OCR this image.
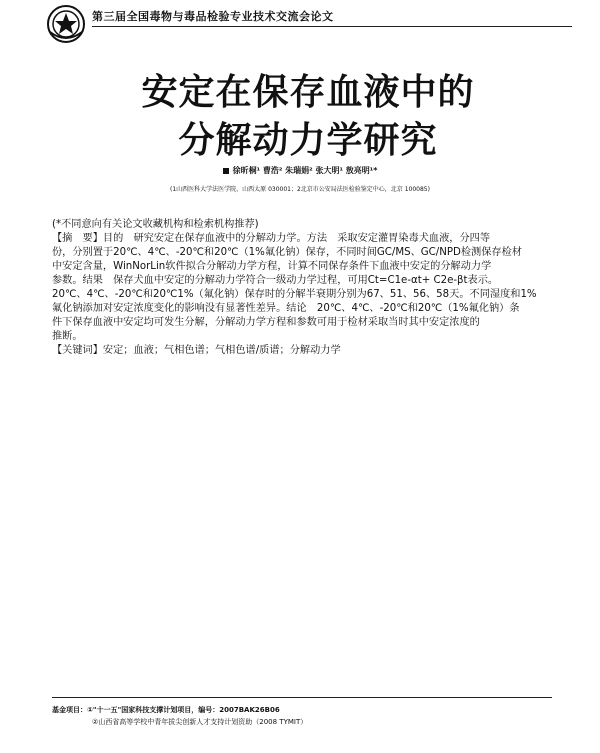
第三届全国毒物与毒品检验专业技术交流会论文
安定在保存血液中的
分解动力学研究
徐昕桐¹ 曹浩² 朱瑞娟² 张大明¹ 敖亮明¹*
(1山西医科大学法医学院，山西太原 030001；2北京市公安局法医检验鉴定中心，北京 100085)

(*不同意向有关论文收藏机构和检索机构推荐)

【摘　要】目的　研究安定在保存血液中的分解动力学。方法　采取安定灌胃染毒犬血液，分四等

份，分别置于20℃、4℃、-20℃和20℃（1%氟化钠）保存，不同时间GC/MS、GC/NPD检测保存检材

中安定含量，WinNorLin软件拟合分解动力学方程，计算不同保存条件下血液中安定的分解动力学

参数。结果　保存犬血中安定的分解动力学符合一级动力学过程，可用Ct=C1e-αt+ C2e-βt表示。

20℃、4℃、-20℃和20℃1%（氟化钠）保存时的分解半衰期分别为67、51、56、58天。不同湿度和1%

氟化钠添加对安定浓度变化的影响没有显著性差异。结论　20℃、4℃、-20℃和20℃（1%氟化钠）条

件下保存血液中安定均可发生分解，分解动力学方程和参数可用于检材采取当时其中安定浓度的

推断。

【关键词】安定；血液；气相色谱；气相色谱/质谱；分解动力学

基金项目：①"十一五"国家科技支撑计划项目，编号：2007BAK26B06
②山西省高等学校中青年拔尖创新人才支持计划资助（2008 TYMIT）
